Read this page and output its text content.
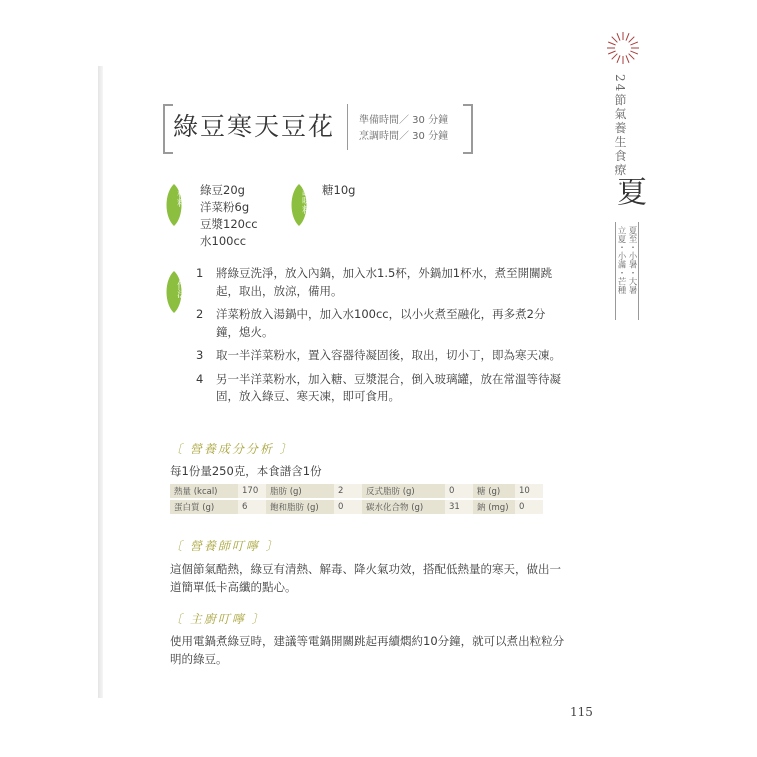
綠豆寒天豆花 準備時間／ 30 分鐘
烹調時間／ 30 分鐘
材料 綠豆20g
洋菜粉6g
豆漿120cc
水100cc
調味料 糖10g
作法
1	將綠豆洗淨，放入內鍋，加入水1.5杯，外鍋加1杯水，煮至開關跳起，取出，放涼，備用。
2	洋菜粉放入湯鍋中，加入水100cc，以小火煮至融化，再多煮2分鐘，熄火。
3	取一半洋菜粉水，置入容器待凝固後，取出，切小丁，即為寒天凍。
4	另一半洋菜粉水，加入糖、豆漿混合，倒入玻璃罐，放在常溫等待凝固，放入綠豆、寒天凍，即可食用。
〔 營養成分分析 〕
每1份量250克，本食譜含1份
熱量 (kcal)	170	脂肪 (g)	2	反式脂肪 (g)	0	糖 (g)	10
蛋白質 (g)	6	飽和脂肪 (g)	0	碳水化合物 (g)	31	鈉 (mg)	0
〔 營養師叮嚀 〕
這個節氣酷熱，綠豆有清熱、解毒、降火氣功效，搭配低熱量的寒天，做出一道簡單低卡高纖的點心。
〔 主廚叮嚀 〕
使用電鍋煮綠豆時，建議等電鍋開關跳起再續燜約10分鐘，就可以煮出粒粒分明的綠豆。
24節氣養生食療・
夏
立夏・小滿・芒種 夏至・小暑・大暑
115
